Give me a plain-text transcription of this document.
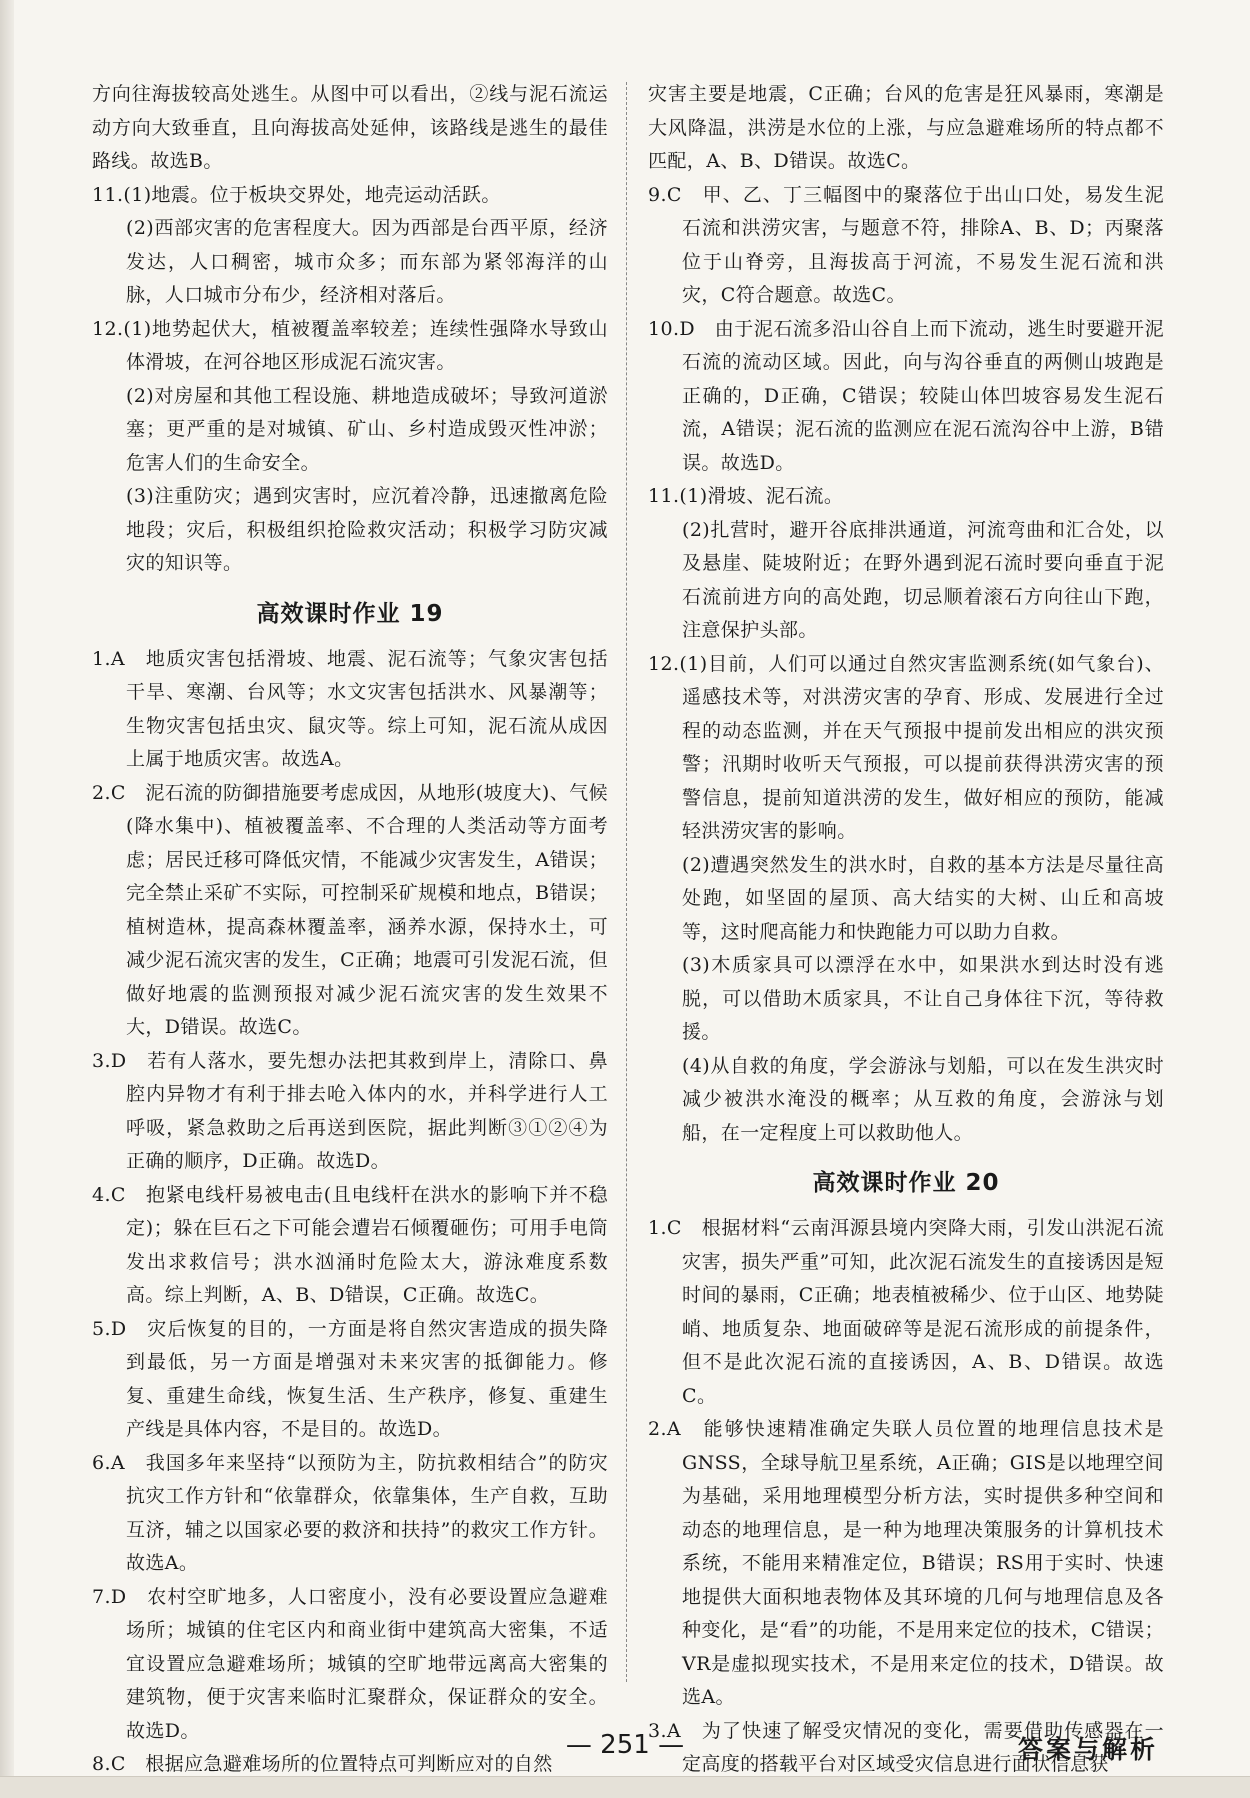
方向往海拔较高处逃生。从图中可以看出，②线与泥石流运动方向大致垂直，且向海拔高处延伸，该路线是逃生的最佳路线。故选B。

11.(1)地震。位于板块交界处，地壳运动活跃。

(2)西部灾害的危害程度大。因为西部是台西平原，经济发达，人口稠密，城市众多；而东部为紧邻海洋的山脉，人口城市分布少，经济相对落后。

12.(1)地势起伏大，植被覆盖率较差；连续性强降水导致山体滑坡，在河谷地区形成泥石流灾害。

(2)对房屋和其他工程设施、耕地造成破坏；导致河道淤塞；更严重的是对城镇、矿山、乡村造成毁灭性冲淤；危害人们的生命安全。

(3)注重防灾；遇到灾害时，应沉着冷静，迅速撤离危险地段；灾后，积极组织抢险救灾活动；积极学习防灾减灾的知识等。

高效课时作业 19

1.A　地质灾害包括滑坡、地震、泥石流等；气象灾害包括干旱、寒潮、台风等；水文灾害包括洪水、风暴潮等；生物灾害包括虫灾、鼠灾等。综上可知，泥石流从成因上属于地质灾害。故选A。

2.C　泥石流的防御措施要考虑成因，从地形(坡度大)、气候(降水集中)、植被覆盖率、不合理的人类活动等方面考虑；居民迁移可降低灾情，不能减少灾害发生，A错误；完全禁止采矿不实际，可控制采矿规模和地点，B错误；植树造林，提高森林覆盖率，涵养水源，保持水土，可减少泥石流灾害的发生，C正确；地震可引发泥石流，但做好地震的监测预报对减少泥石流灾害的发生效果不大，D错误。故选C。

3.D　若有人落水，要先想办法把其救到岸上，清除口、鼻腔内异物才有利于排去呛入体内的水，并科学进行人工呼吸，紧急救助之后再送到医院，据此判断③①②④为正确的顺序，D正确。故选D。

4.C　抱紧电线杆易被电击(且电线杆在洪水的影响下并不稳定)；躲在巨石之下可能会遭岩石倾覆砸伤；可用手电筒发出求救信号；洪水汹涌时危险太大，游泳难度系数高。综上判断，A、B、D错误，C正确。故选C。

5.D　灾后恢复的目的，一方面是将自然灾害造成的损失降到最低，另一方面是增强对未来灾害的抵御能力。修复、重建生命线，恢复生活、生产秩序，修复、重建生产线是具体内容，不是目的。故选D。

6.A　我国多年来坚持“以预防为主，防抗救相结合”的防灾抗灾工作方针和“依靠群众，依靠集体，生产自救，互助互济，辅之以国家必要的救济和扶持”的救灾工作方针。故选A。

7.D　农村空旷地多，人口密度小，没有必要设置应急避难场所；城镇的住宅区内和商业街中建筑高大密集，不适宜设置应急避难场所；城镇的空旷地带远离高大密集的建筑物，便于灾害来临时汇聚群众，保证群众的安全。故选D。

8.C　根据应急避难场所的位置特点可判断应对的自然

灾害主要是地震，C正确；台风的危害是狂风暴雨，寒潮是大风降温，洪涝是水位的上涨，与应急避难场所的特点都不匹配，A、B、D错误。故选C。

9.C　甲、乙、丁三幅图中的聚落位于出山口处，易发生泥石流和洪涝灾害，与题意不符，排除A、B、D；丙聚落位于山脊旁，且海拔高于河流，不易发生泥石流和洪灾，C符合题意。故选C。

10.D　由于泥石流多沿山谷自上而下流动，逃生时要避开泥石流的流动区域。因此，向与沟谷垂直的两侧山坡跑是正确的，D正确，C错误；较陡山体凹坡容易发生泥石流，A错误；泥石流的监测应在泥石流沟谷中上游，B错误。故选D。

11.(1)滑坡、泥石流。

(2)扎营时，避开谷底排洪通道，河流弯曲和汇合处，以及悬崖、陡坡附近；在野外遇到泥石流时要向垂直于泥石流前进方向的高处跑，切忌顺着滚石方向往山下跑，注意保护头部。

12.(1)目前，人们可以通过自然灾害监测系统(如气象台)、遥感技术等，对洪涝灾害的孕育、形成、发展进行全过程的动态监测，并在天气预报中提前发出相应的洪灾预警；汛期时收听天气预报，可以提前获得洪涝灾害的预警信息，提前知道洪涝的发生，做好相应的预防，能减轻洪涝灾害的影响。

(2)遭遇突然发生的洪水时，自救的基本方法是尽量往高处跑，如坚固的屋顶、高大结实的大树、山丘和高坡等，这时爬高能力和快跑能力可以助力自救。

(3)木质家具可以漂浮在水中，如果洪水到达时没有逃脱，可以借助木质家具，不让自己身体往下沉，等待救援。

(4)从自救的角度，学会游泳与划船，可以在发生洪灾时减少被洪水淹没的概率；从互救的角度，会游泳与划船，在一定程度上可以救助他人。

高效课时作业 20

1.C　根据材料“云南洱源县境内突降大雨，引发山洪泥石流灾害，损失严重”可知，此次泥石流发生的直接诱因是短时间的暴雨，C正确；地表植被稀少、位于山区、地势陡峭、地质复杂、地面破碎等是泥石流形成的前提条件，但不是此次泥石流的直接诱因，A、B、D错误。故选C。

2.A　能够快速精准确定失联人员位置的地理信息技术是GNSS，全球导航卫星系统，A正确；GIS是以地理空间为基础，采用地理模型分析方法，实时提供多种空间和动态的地理信息，是一种为地理决策服务的计算机技术系统，不能用来精准定位，B错误；RS用于实时、快速地提供大面积地表物体及其环境的几何与地理信息及各种变化，是“看”的功能，不是用来定位的技术，C错误；VR是虚拟现实技术，不是用来定位的技术，D错误。故选A。

3.A　为了快速了解受灾情况的变化，需要借助传感器在一定高度的搭载平台对区域受灾信息进行面状信息获

— 251 —	答案与解析
